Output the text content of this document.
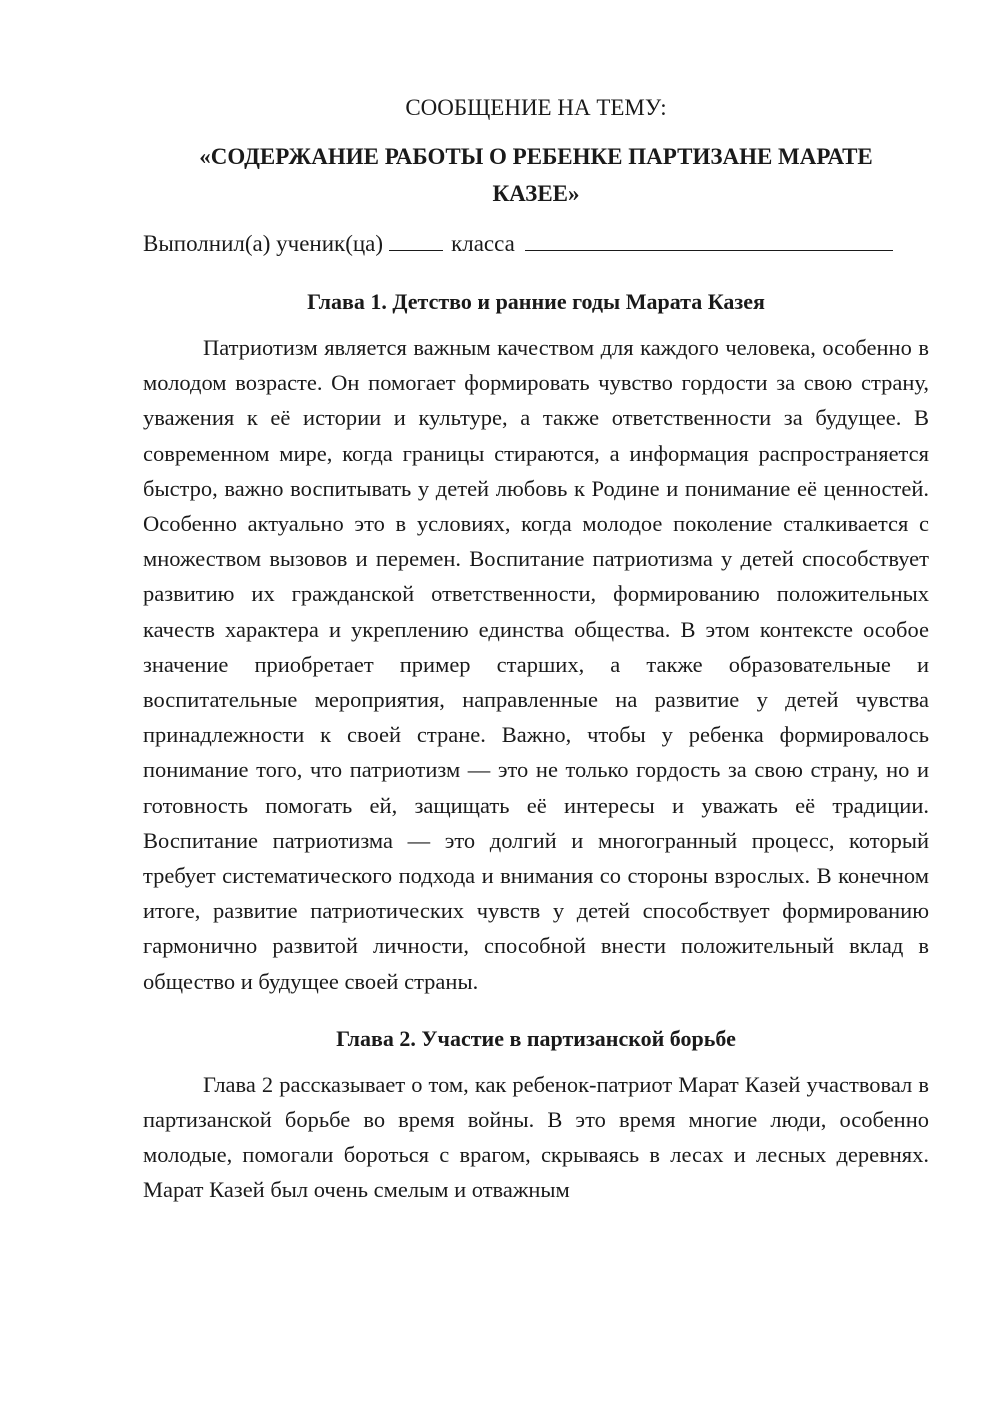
СООБЩЕНИЕ НА ТЕМУ:

«СОДЕРЖАНИЕ РАБОТЫ О РЕБЕНКЕ ПАРТИЗАНЕ МАРАТЕ КАЗЕЕ»

Выполнил(а) ученик(ца)	класса
Глава 1. Детство и ранние годы Марата Казея

Патриотизм является важным качеством для каждого человека, особенно в молодом возрасте. Он помогает формировать чувство гордости за свою страну, уважения к её истории и культуре, а также ответственности за будущее. В современном мире, когда границы стираются, а информация распространяется быстро, важно воспитывать у детей любовь к Родине и понимание её ценностей. Особенно актуально это в условиях, когда молодое поколение сталкивается с множеством вызовов и перемен. Воспитание патриотизма у детей способствует развитию их гражданской ответственности, формированию положительных качеств характера и укреплению единства общества. В этом контексте особое значение приобретает пример старших, а также образовательные и воспитательные мероприятия, направленные на развитие у детей чувства принадлежности к своей стране. Важно, чтобы у ребенка формировалось понимание того, что патриотизм — это не только гордость за свою страну, но и готовность помогать ей, защищать её интересы и уважать её традиции. Воспитание патриотизма — это долгий и многогранный процесс, который требует систематического подхода и внимания со стороны взрослых. В конечном итоге, развитие патриотических чувств у детей способствует формированию гармонично развитой личности, способной внести положительный вклад в общество и будущее своей страны.

Глава 2. Участие в партизанской борьбе

Глава 2 рассказывает о том, как ребенок-патриот Марат Казей участвовал в партизанской борьбе во время войны. В это время многие люди, особенно молодые, помогали бороться с врагом, скрываясь в лесах и лесных деревнях. Марат Казей был очень смелым и отважным
